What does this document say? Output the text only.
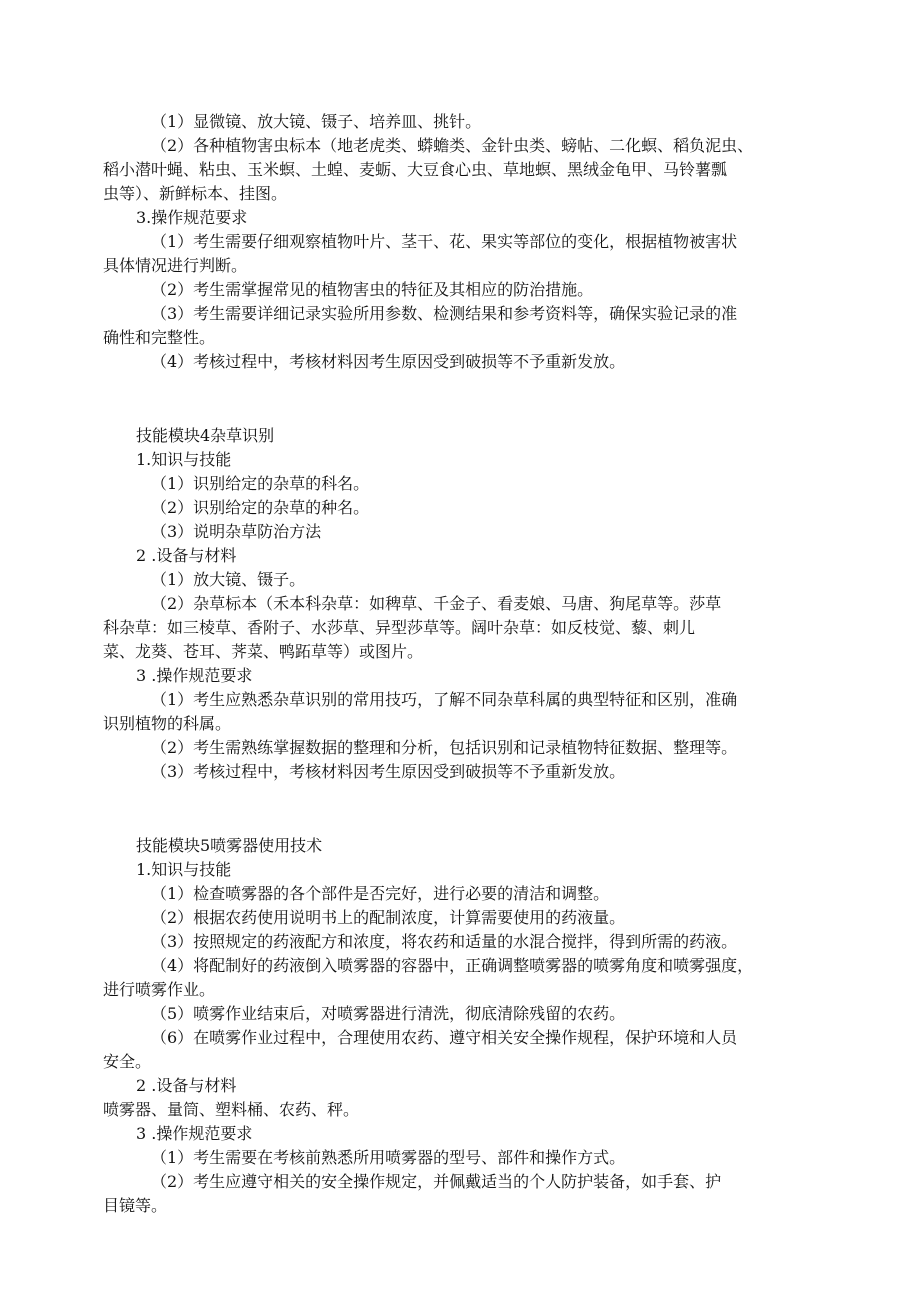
（1）显微镜、放大镜、镊子、培养皿、挑针。

（2）各种植物害虫标本（地老虎类、蟒蟾类、金针虫类、螃帖、二化螟、稻负泥虫、

稻小潜叶蝇、粘虫、玉米螟、土蝗、麦蛎、大豆食心虫、草地螟、黑绒金龟甲、马铃薯瓢

虫等）、新鲜标本、挂图。

3.操作规范要求

（1）考生需要仔细观察植物叶片、茎干、花、果实等部位的变化，根据植物被害状

具体情况进行判断。

（2）考生需掌握常见的植物害虫的特征及其相应的防治措施。

（3）考生需要详细记录实验所用参数、检测结果和参考资料等，确保实验记录的准

确性和完整性。

（4）考核过程中，考核材料因考生原因受到破损等不予重新发放。

技能模块4杂草识别

1.知识与技能

（1）识别给定的杂草的科名。

（2）识别给定的杂草的种名。

（3）说明杂草防治方法

2 .设备与材料

（1）放大镜、镊子。

（2）杂草标本（禾本科杂草：如稗草、千金子、看麦娘、马唐、狗尾草等。莎草

科杂草：如三棱草、香附子、水莎草、异型莎草等。阔叶杂草：如反枝觉、藜、刺儿

菜、龙葵、苍耳、荠菜、鸭跖草等）或图片。

3 .操作规范要求

（1）考生应熟悉杂草识别的常用技巧，了解不同杂草科属的典型特征和区别，准确

识别植物的科属。

（2）考生需熟练掌握数据的整理和分析，包括识别和记录植物特征数据、整理等。

（3）考核过程中，考核材料因考生原因受到破损等不予重新发放。

技能模块5喷雾器使用技术

1.知识与技能

（1）检查喷雾器的各个部件是否完好，进行必要的清洁和调整。

（2）根据农药使用说明书上的配制浓度，计算需要使用的药液量。

（3）按照规定的药液配方和浓度，将农药和适量的水混合搅拌，得到所需的药液。

（4）将配制好的药液倒入喷雾器的容器中，正确调整喷雾器的喷雾角度和喷雾强度，

进行喷雾作业。

（5）喷雾作业结束后，对喷雾器进行清洗，彻底清除残留的农药。

（6）在喷雾作业过程中，合理使用农药、遵守相关安全操作规程，保护环境和人员

安全。

2 .设备与材料

喷雾器、量筒、塑料桶、农药、秤。

3 .操作规范要求

（1）考生需要在考核前熟悉所用喷雾器的型号、部件和操作方式。

（2）考生应遵守相关的安全操作规定，并佩戴适当的个人防护装备，如手套、护

目镜等。
